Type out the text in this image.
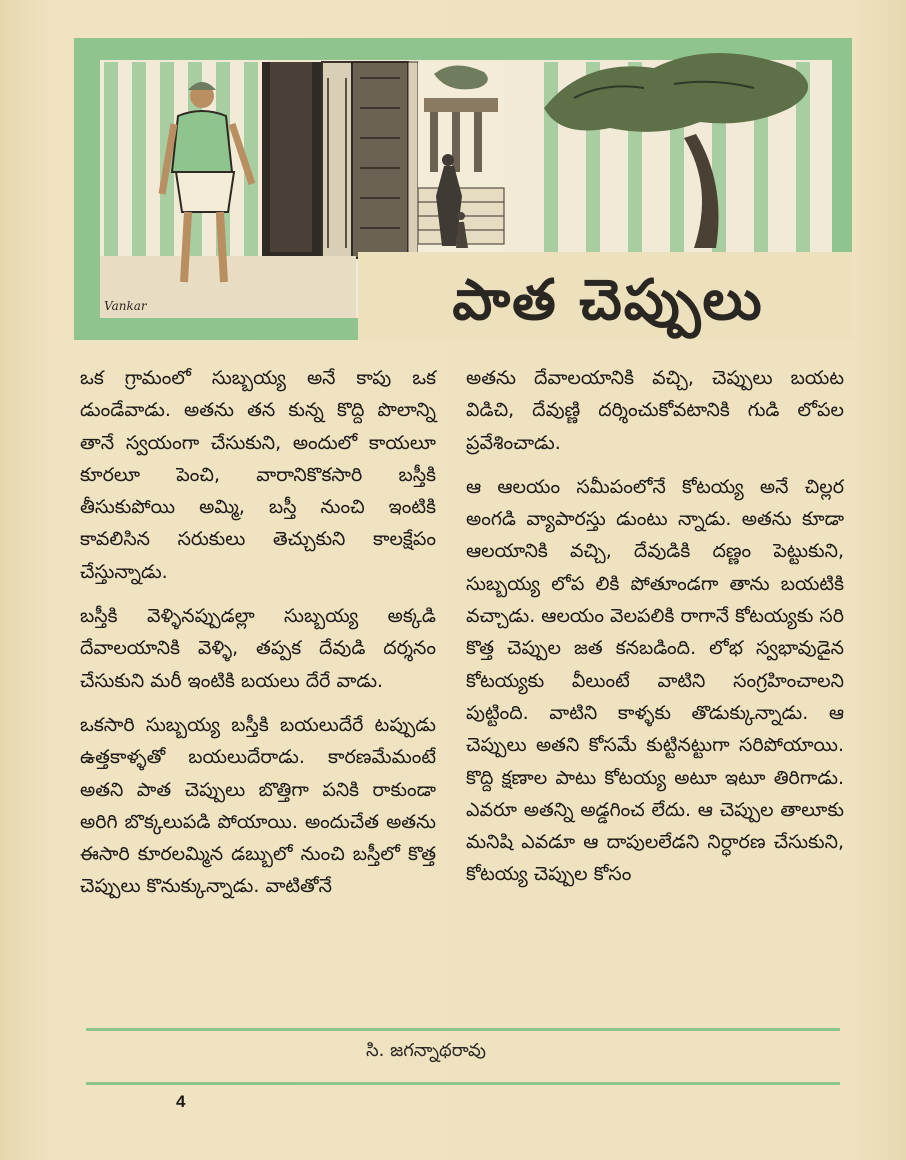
Vankar	పాత చెప్పులు

ఒక గ్రామంలో సుబ్బయ్య అనే కాపు ఒక డుండేవాడు. అతను తన కున్న కొద్ది పొలాన్ని తానే స్వయంగా చేసుకుని, అందులో కాయలూ కూరలూ పెంచి, వారానికొకసారి బస్తీకి తీసుకుపోయి అమ్మి, బస్తీ నుంచి ఇంటికి కావలిసిన సరుకులు తెచ్చుకుని కాలక్షేపం చేస్తున్నాడు.

బస్తీకి వెళ్ళినప్పుడల్లా సుబ్బయ్య అక్కడి దేవాలయానికి వెళ్ళి, తప్పక దేవుడి దర్శనం చేసుకుని మరీ ఇంటికి బయలు దేరే వాడు.

ఒకసారి సుబ్బయ్య బస్తీకి బయలుదేరే టప్పుడు ఉత్తకాళ్ళతో బయలుదేరాడు. కారణమేమంటే అతని పాత చెప్పులు బొత్తిగా పనికి రాకుండా అరిగి బొక్కలుపడి పోయాయి. అందుచేత అతను ఈసారి కూరలమ్మిన డబ్బులో నుంచి బస్తీలో కొత్త చెప్పులు కొనుక్కున్నాడు. వాటితోనే

అతను దేవాలయానికి వచ్చి, చెప్పులు బయట విడిచి, దేవుణ్ణి దర్శించుకోవటానికి గుడి లోపల ప్రవేశించాడు.

ఆ ఆలయం సమీపంలోనే కోటయ్య అనే చిల్లర అంగడి వ్యాపారస్తు డుంటు న్నాడు. అతను కూడా ఆలయానికి వచ్చి, దేవుడికి దణ్ణం పెట్టుకుని, సుబ్బయ్య లోప లికి పోతూండగా తాను బయటికి వచ్చాడు. ఆలయం వెలపలికి రాగానే కోటయ్యకు సరి కొత్త చెప్పుల జత కనబడింది. లోభ స్వభావుడైన కోటయ్యకు వీలుంటే వాటిని సంగ్రహించాలని పుట్టింది. వాటిని కాళ్ళకు తొడుక్కున్నాడు. ఆ చెప్పులు అతని కోసమే కుట్టినట్టుగా సరిపోయాయి. కొద్ది క్షణాల పాటు కోటయ్య అటూ ఇటూ తిరిగాడు. ఎవరూ అతన్ని అడ్డగించ లేదు. ఆ చెప్పుల తాలూకు మనిషి ఎవడూ ఆ దాపులలేడని నిర్ధారణ చేసుకుని, కోటయ్య చెప్పుల కోసం

సి. జగన్నాథరావు
4
